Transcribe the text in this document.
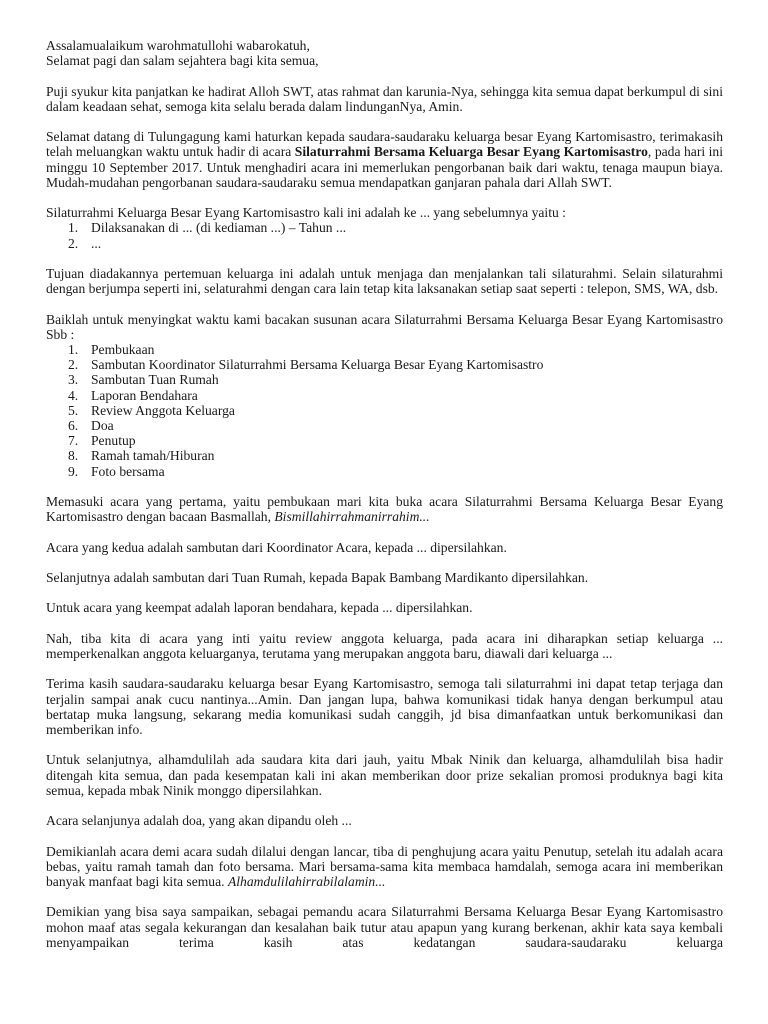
Assalamualaikum warohmatullohi wabarokatuh,
Selamat pagi dan salam sejahtera bagi kita semua,

Puji syukur kita panjatkan ke hadirat Alloh SWT, atas rahmat dan karunia-Nya, sehingga kita semua dapat berkumpul di sini dalam keadaan sehat, semoga kita selalu berada dalam lindunganNya, Amin.

Selamat datang di Tulungagung kami haturkan kepada saudara-saudaraku keluarga besar Eyang Kartomisastro, terimakasih telah meluangkan waktu untuk hadir di acara Silaturrahmi Bersama Keluarga Besar Eyang Kartomisastro, pada hari ini minggu 10 September 2017. Untuk menghadiri acara ini memerlukan pengorbanan baik dari waktu, tenaga maupun biaya. Mudah-mudahan pengorbanan saudara-saudaraku semua mendapatkan ganjaran pahala dari Allah SWT.

Silaturrahmi Keluarga Besar Eyang Kartomisastro kali ini adalah ke ... yang sebelumnya yaitu :

1. Dilaksanakan di ... (di kediaman ...) – Tahun ...
2. ...

Tujuan diadakannya pertemuan keluarga ini adalah untuk menjaga dan menjalankan tali silaturahmi. Selain silaturahmi dengan berjumpa seperti ini, selaturahmi dengan cara lain tetap kita laksanakan setiap saat seperti : telepon, SMS, WA, dsb.

Baiklah untuk menyingkat waktu kami bacakan susunan acara Silaturrahmi Bersama Keluarga Besar Eyang Kartomisastro Sbb :

1. Pembukaan
2. Sambutan Koordinator Silaturrahmi Bersama Keluarga Besar Eyang Kartomisastro
3. Sambutan Tuan Rumah
4. Laporan Bendahara
5. Review Anggota Keluarga
6. Doa
7. Penutup
8. Ramah tamah/Hiburan
9. Foto bersama

Memasuki acara yang pertama, yaitu pembukaan mari kita buka acara Silaturrahmi Bersama Keluarga Besar Eyang Kartomisastro dengan bacaan Basmallah, Bismillahirrahmanirrahim...

Acara yang kedua adalah sambutan dari Koordinator Acara, kepada ... dipersilahkan.

Selanjutnya adalah sambutan dari Tuan Rumah, kepada Bapak Bambang Mardikanto dipersilahkan.

Untuk acara yang keempat adalah laporan bendahara, kepada ... dipersilahkan.

Nah, tiba kita di acara yang inti yaitu review anggota keluarga, pada acara ini diharapkan setiap keluarga ... memperkenalkan anggota keluarganya, terutama yang merupakan anggota baru, diawali dari keluarga ...

Terima kasih saudara-saudaraku keluarga besar Eyang Kartomisastro, semoga tali silaturrahmi ini dapat tetap terjaga dan terjalin sampai anak cucu nantinya...Amin. Dan jangan lupa, bahwa komunikasi tidak hanya dengan berkumpul atau bertatap muka langsung, sekarang media komunikasi sudah canggih, jd bisa dimanfaatkan untuk berkomunikasi dan memberikan info.

Untuk selanjutnya, alhamdulilah ada saudara kita dari jauh, yaitu Mbak Ninik dan keluarga, alhamdulilah bisa hadir ditengah kita semua, dan pada kesempatan kali ini akan memberikan door prize sekalian promosi produknya bagi kita semua, kepada mbak Ninik monggo dipersilahkan.

Acara selanjunya adalah doa, yang akan dipandu oleh ...

Demikianlah acara demi acara sudah dilalui dengan lancar, tiba di penghujung acara yaitu Penutup, setelah itu adalah acara bebas, yaitu ramah tamah dan foto bersama. Mari bersama-sama kita membaca hamdalah, semoga acara ini memberikan banyak manfaat bagi kita semua. Alhamdulilahirrabilalamin...

Demikian yang bisa saya sampaikan, sebagai pemandu acara Silaturrahmi Bersama Keluarga Besar Eyang Kartomisastro mohon maaf atas segala kekurangan dan kesalahan baik tutur atau apapun yang kurang berkenan, akhir kata saya kembali menyampaikan terima kasih atas kedatangan saudara-saudaraku keluarga
